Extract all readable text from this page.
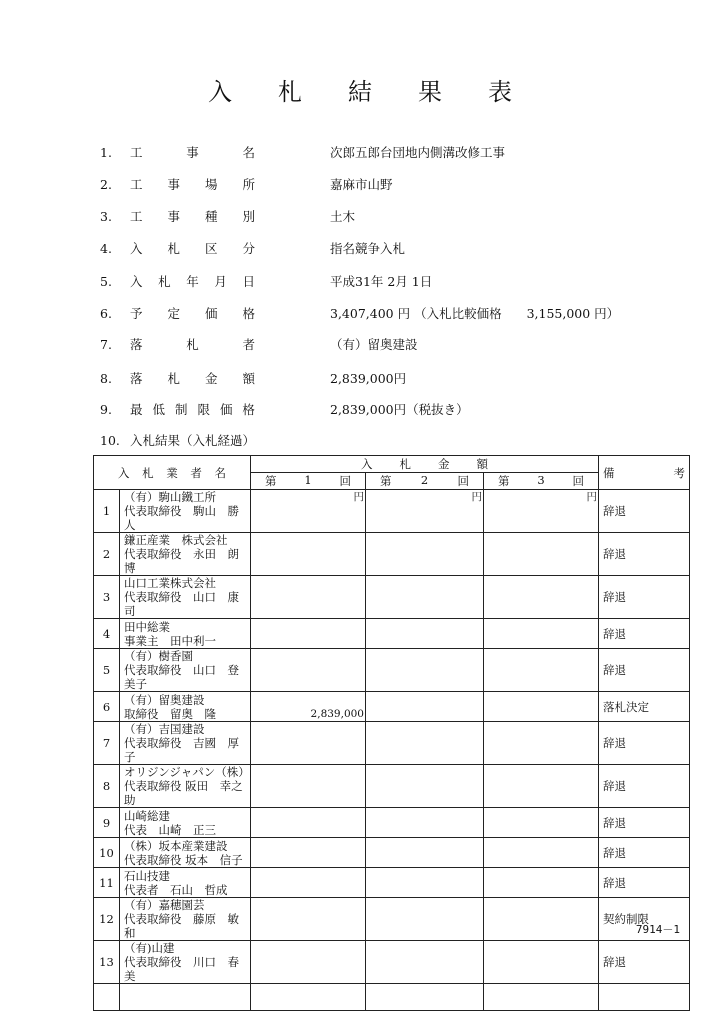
入	札	結	果	表
1.	工	事	名	次郎五郎台団地内側溝改修工事
2.	工 事 場 所	嘉麻市山野
3.	工 事 種 別	土木
4.	入 札 区 分	指名競争入札
5.	入 札 年 月 日	平成31年 2月 1日
6.	予 定 価 格	3,407,400 円 （入札比較価格　　3,155,000 円）
7.	落	札	者	（有）留奥建設
8.	落 札 金 額	2,839,000円
9.	最 低 制 限 価 格	2,839,000円（税抜き）
10. 入札結果（入札経過）
入 札 業 者 名		入 札 金 額			備 考

		第 1 回	第 2 回	第 3 回	

1	（有）駒山鐵工所
代表取締役　駒山　勝人	円	円	円	辞退
2	鎌正産業　株式会社
代表取締役　永田　朗博				辞退
3	山口工業株式会社
代表取締役　山口　康司				辞退
4	田中総業
事業主　田中利一				辞退
5	（有）樹香園
代表取締役　山口　登美子				辞退
6	（有）留奥建設
取締役　留奥　隆	2,839,000			落札決定
7	（有）吉国建設
代表取締役　吉國　厚子				辞退
8	オリジンジャパン（株）
代表取締役 阪田　幸之助				辞退
9	山崎総建
代表　山崎　正三				辞退
10	（株）坂本産業建設
代表取締役 坂本　信子				辞退
11	石山技建
代表者　石山　哲成				辞退
12	（有）嘉穂園芸
代表取締役　藤原　敏和				契約制限
13	（有)山建
代表取締役　川口　春美				辞退

7914－1
